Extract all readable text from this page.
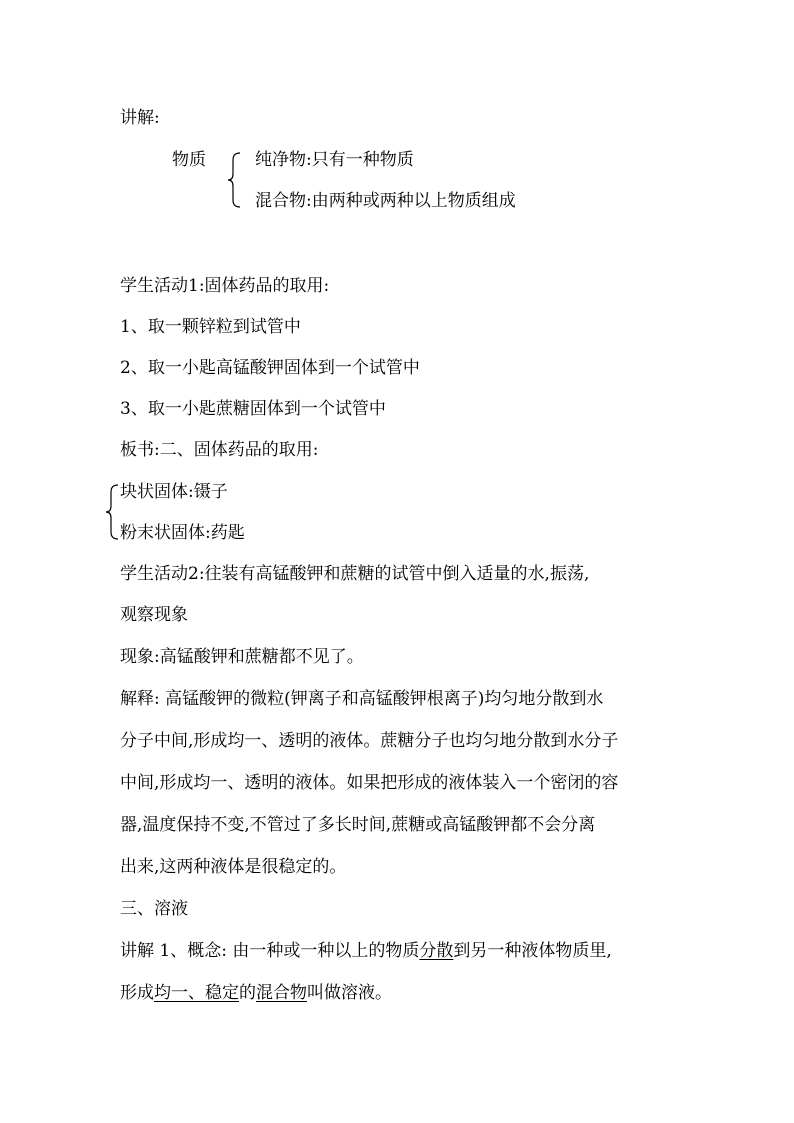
讲解:
物质	纯净物:只有一种物质
混合物:由两种或两种以上物质组成
学生活动1:固体药品的取用:
1、取一颗锌粒到试管中
2、取一小匙高锰酸钾固体到一个试管中
3、取一小匙蔗糖固体到一个试管中
板书:二、固体药品的取用:
块状固体:镊子
粉末状固体:药匙
学生活动2:往装有高锰酸钾和蔗糖的试管中倒入适量的水,振荡,
观察现象
现象:高锰酸钾和蔗糖都不见了。
解释: 高锰酸钾的微粒(钾离子和高锰酸钾根离子)均匀地分散到水
分子中间,形成均一、透明的液体。蔗糖分子也均匀地分散到水分子
中间,形成均一、透明的液体。如果把形成的液体装入一个密闭的容
器,温度保持不变,不管过了多长时间,蔗糖或高锰酸钾都不会分离
出来,这两种液体是很稳定的。
三、溶液
讲解 1、概念: 由一种或一种以上的物质分散到另一种液体物质里,
形成均一、稳定的混合物叫做溶液。
